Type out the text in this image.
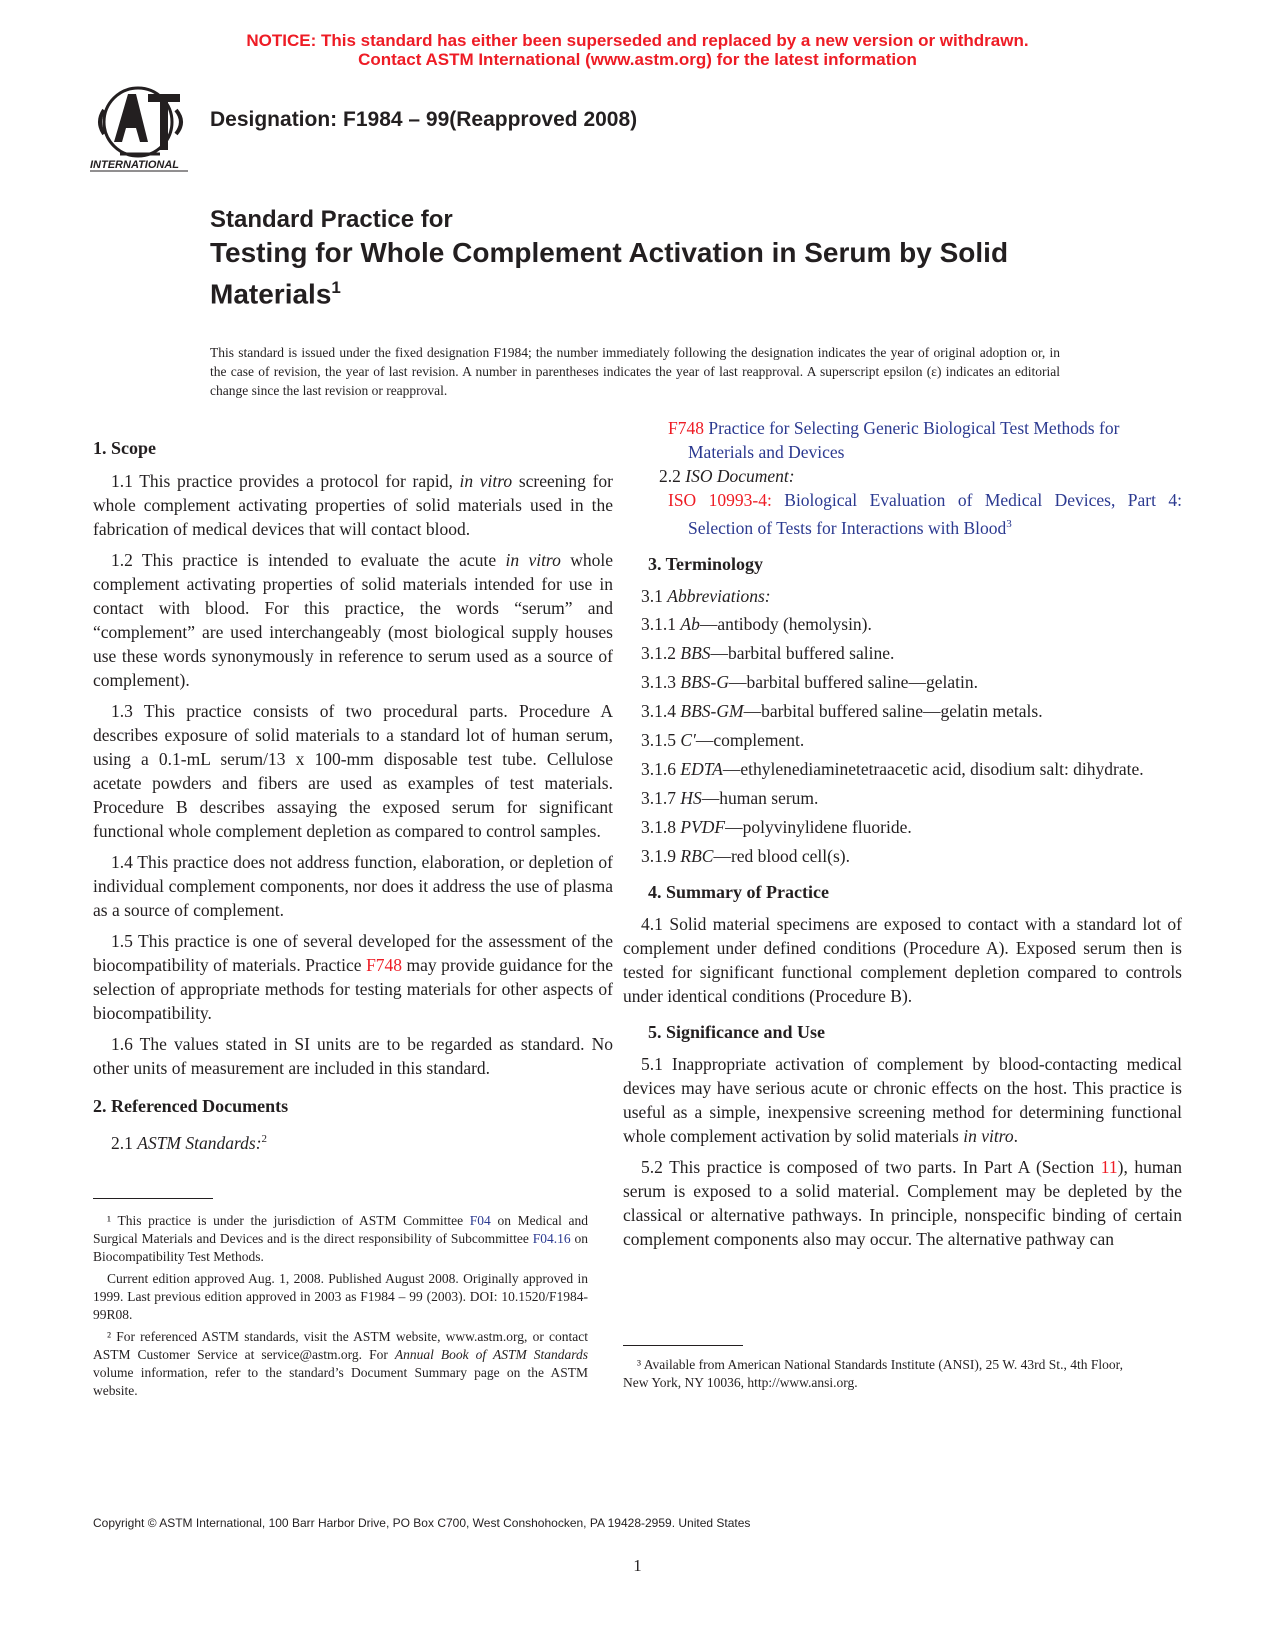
NOTICE: This standard has either been superseded and replaced by a new version or withdrawn.
Contact ASTM International (www.astm.org) for the latest information
INTERNATIONAL
Designation: F1984 – 99(Reapproved 2008)
Standard Practice for
Testing for Whole Complement Activation in Serum by Solid Materials$^1$
This standard is issued under the fixed designation F1984; the number immediately following the designation indicates the year of original adoption or, in the case of revision, the year of last revision. A number in parentheses indicates the year of last reapproval. A superscript epsilon (ε) indicates an editorial change since the last revision or reapproval.
1. Scope

1.1 This practice provides a protocol for rapid, in vitro screening for whole complement activating properties of solid materials used in the fabrication of medical devices that will contact blood.

1.2 This practice is intended to evaluate the acute in vitro whole complement activating properties of solid materials intended for use in contact with blood. For this practice, the words “serum” and “complement” are used interchangeably (most biological supply houses use these words synonymously in reference to serum used as a source of complement).

1.3 This practice consists of two procedural parts. Procedure A describes exposure of solid materials to a standard lot of human serum, using a 0.1-mL serum/13 x 100-mm disposable test tube. Cellulose acetate powders and fibers are used as examples of test materials. Procedure B describes assaying the exposed serum for significant functional whole complement depletion as compared to control samples.

1.4 This practice does not address function, elaboration, or depletion of individual complement components, nor does it address the use of plasma as a source of complement.

1.5 This practice is one of several developed for the assessment of the biocompatibility of materials. Practice F748 may provide guidance for the selection of appropriate methods for testing materials for other aspects of biocompatibility.

1.6 The values stated in SI units are to be regarded as standard. No other units of measurement are included in this standard.

2. Referenced Documents

2.1 ASTM Standards:$^2$

¹ This practice is under the jurisdiction of ASTM Committee F04 on Medical and Surgical Materials and Devices and is the direct responsibility of Subcommittee F04.16 on Biocompatibility Test Methods.

Current edition approved Aug. 1, 2008. Published August 2008. Originally approved in 1999. Last previous edition approved in 2003 as F1984 – 99 (2003). DOI: 10.1520/F1984-99R08.

² For referenced ASTM standards, visit the ASTM website, www.astm.org, or contact ASTM Customer Service at service@astm.org. For Annual Book of ASTM Standards volume information, refer to the standard’s Document Summary page on the ASTM website.

F748 Practice for Selecting Generic Biological Test Methods for Materials and Devices

2.2 ISO Document:

ISO 10993-4: Biological Evaluation of Medical Devices, Part 4: Selection of Tests for Interactions with Blood$^3$

3. Terminology

3.1 Abbreviations:

3.1.1 Ab—antibody (hemolysin).

3.1.2 BBS—barbital buffered saline.

3.1.3 BBS-G—barbital buffered saline—gelatin.

3.1.4 BBS-GM—barbital buffered saline—gelatin metals.

3.1.5 C′—complement.

3.1.6 EDTA—ethylenediaminetetraacetic acid, disodium salt: dihydrate.

3.1.7 HS—human serum.

3.1.8 PVDF—polyvinylidene fluoride.

3.1.9 RBC—red blood cell(s).

4. Summary of Practice

4.1 Solid material specimens are exposed to contact with a standard lot of complement under defined conditions (Procedure A). Exposed serum then is tested for significant functional complement depletion compared to controls under identical conditions (Procedure B).

5. Significance and Use

5.1 Inappropriate activation of complement by blood-contacting medical devices may have serious acute or chronic effects on the host. This practice is useful as a simple, inexpensive screening method for determining functional whole complement activation by solid materials in vitro.

5.2 This practice is composed of two parts. In Part A (Section 11), human serum is exposed to a solid material. Complement may be depleted by the classical or alternative pathways. In principle, nonspecific binding of certain complement components also may occur. The alternative pathway can

³ Available from American National Standards Institute (ANSI), 25 W. 43rd St., 4th Floor, New York, NY 10036, http://www.ansi.org.

Copyright © ASTM International, 100 Barr Harbor Drive, PO Box C700, West Conshohocken, PA 19428-2959. United States
1
